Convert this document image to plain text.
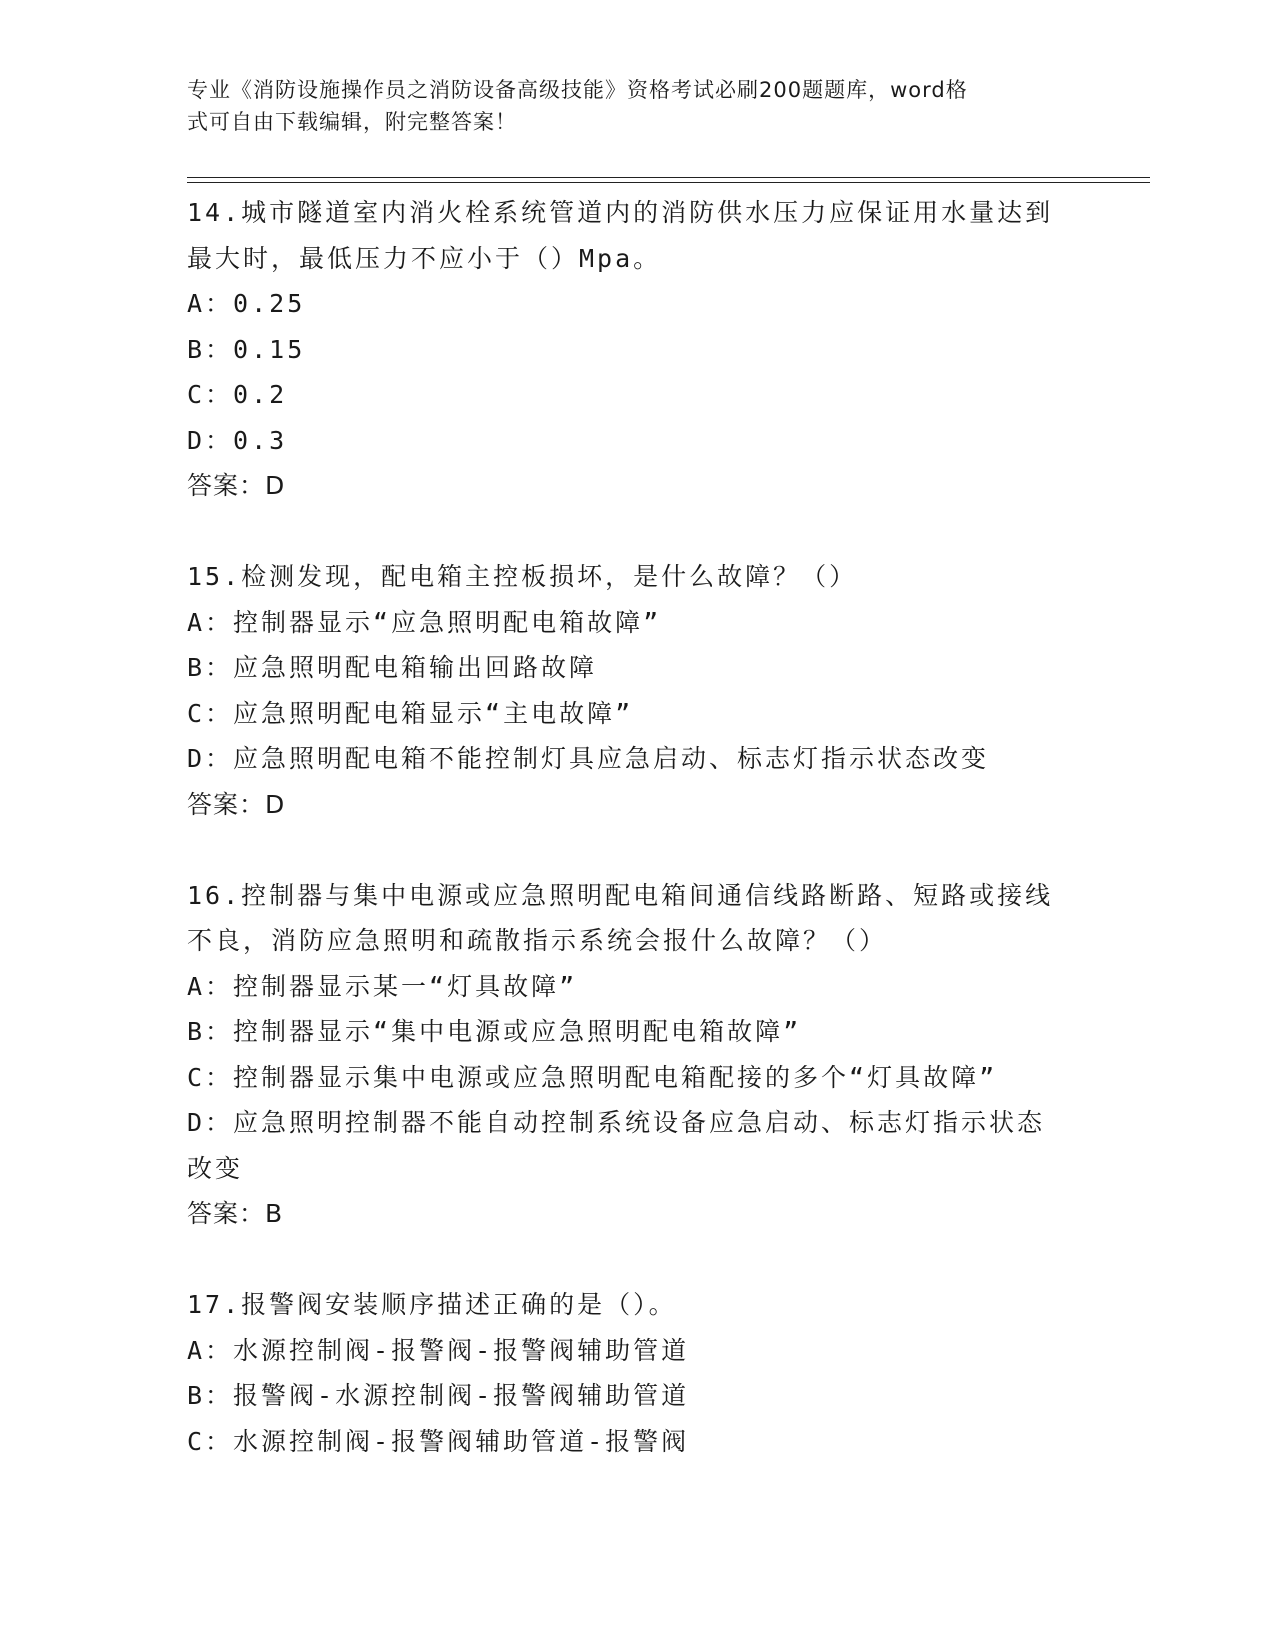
专业《消防设施操作员之消防设备高级技能》资格考试必刷200题题库，word格
式可自由下载编辑，附完整答案！
14.城市隧道室内消火栓系统管道内的消防供水压力应保证用水量达到
最大时，最低压力不应小于（）Mpa。
A：0.25
B：0.15
C：0.2
D：0.3
答案：D
15.检测发现，配电箱主控板损坏，是什么故障？（）
A：控制器显示“应急照明配电箱故障”
B：应急照明配电箱输出回路故障
C：应急照明配电箱显示“主电故障”
D：应急照明配电箱不能控制灯具应急启动、标志灯指示状态改变
答案：D
16.控制器与集中电源或应急照明配电箱间通信线路断路、短路或接线
不良，消防应急照明和疏散指示系统会报什么故障？（）
A：控制器显示某一“灯具故障”
B：控制器显示“集中电源或应急照明配电箱故障”
C：控制器显示集中电源或应急照明配电箱配接的多个“灯具故障”
D：应急照明控制器不能自动控制系统设备应急启动、标志灯指示状态
改变
答案：B
17.报警阀安装顺序描述正确的是（）。
A：水源控制阀-报警阀-报警阀辅助管道
B：报警阀-水源控制阀-报警阀辅助管道
C：水源控制阀-报警阀辅助管道-报警阀
